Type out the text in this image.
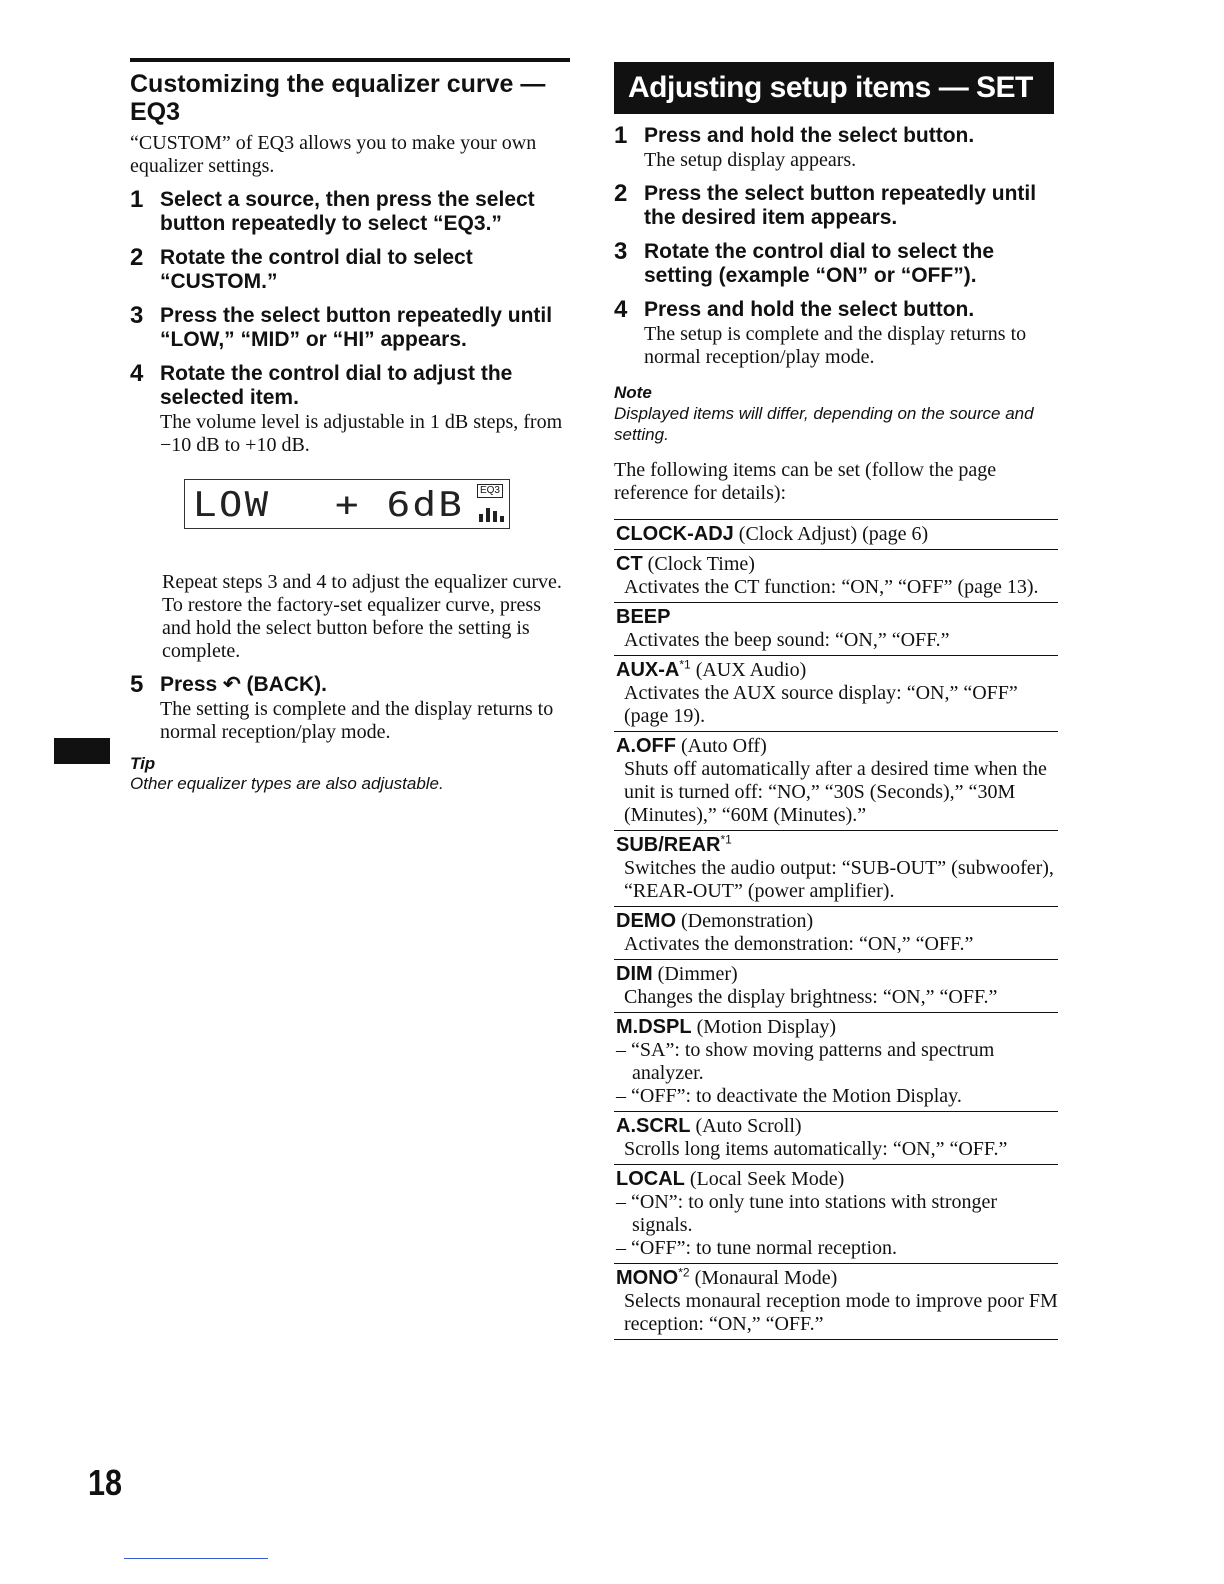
Customizing the equalizer curve — EQ3
“CUSTOM” of EQ3 allows you to make your own equalizer settings.
1 Select a source, then press the select button repeatedly to select “EQ3.”
2 Rotate the control dial to select “CUSTOM.”
3 Press the select button repeatedly until “LOW,” “MID” or “HI” appears.
4 Rotate the control dial to adjust the selected item.
The volume level is adjustable in 1 dB steps, from −10 dB to +10 dB.
LOW + 6dB	EQ3
Repeat steps 3 and 4 to adjust the equalizer curve.
To restore the factory-set equalizer curve, press and hold the select button before the setting is complete.
5 Press ↶ (BACK).
The setting is complete and the display returns to normal reception/play mode.
Tip
Other equalizer types are also adjustable.
Adjusting setup items — SET
1 Press and hold the select button.
The setup display appears.
2 Press the select button repeatedly until the desired item appears.
3 Rotate the control dial to select the setting (example “ON” or “OFF”).
4 Press and hold the select button.
The setup is complete and the display returns to normal reception/play mode.
Note
Displayed items will differ, depending on the source and setting.
The following items can be set (follow the page reference for details):
CLOCK-ADJ (Clock Adjust) (page 6)
CT (Clock Time)
Activates the CT function: “ON,” “OFF” (page 13).
BEEP
Activates the beep sound: “ON,” “OFF.”
AUX-$A^{*1}$ (AUX Audio)
Activates the AUX source display: “ON,” “OFF” (page 19).
A.OFF (Auto Off)
Shuts off automatically after a desired time when the unit is turned off: “NO,” “30S (Seconds),” “30M (Minutes),” “60M (Minutes).”
SUB/REAR$^{*1}$
Switches the audio output: “SUB-OUT” (subwoofer), “REAR-OUT” (power amplifier).
DEMO (Demonstration)
Activates the demonstration: “ON,” “OFF.”
DIM (Dimmer)
Changes the display brightness: “ON,” “OFF.”
M.DSPL (Motion Display)
– “SA”: to show moving patterns and spectrum analyzer.
– “OFF”: to deactivate the Motion Display.
A.SCRL (Auto Scroll)
Scrolls long items automatically: “ON,” “OFF.”
LOCAL (Local Seek Mode)
– “ON”: to only tune into stations with stronger signals.
– “OFF”: to tune normal reception.
MONO$^{*2}$ (Monaural Mode)
Selects monaural reception mode to improve poor FM reception: “ON,” “OFF.”
18
